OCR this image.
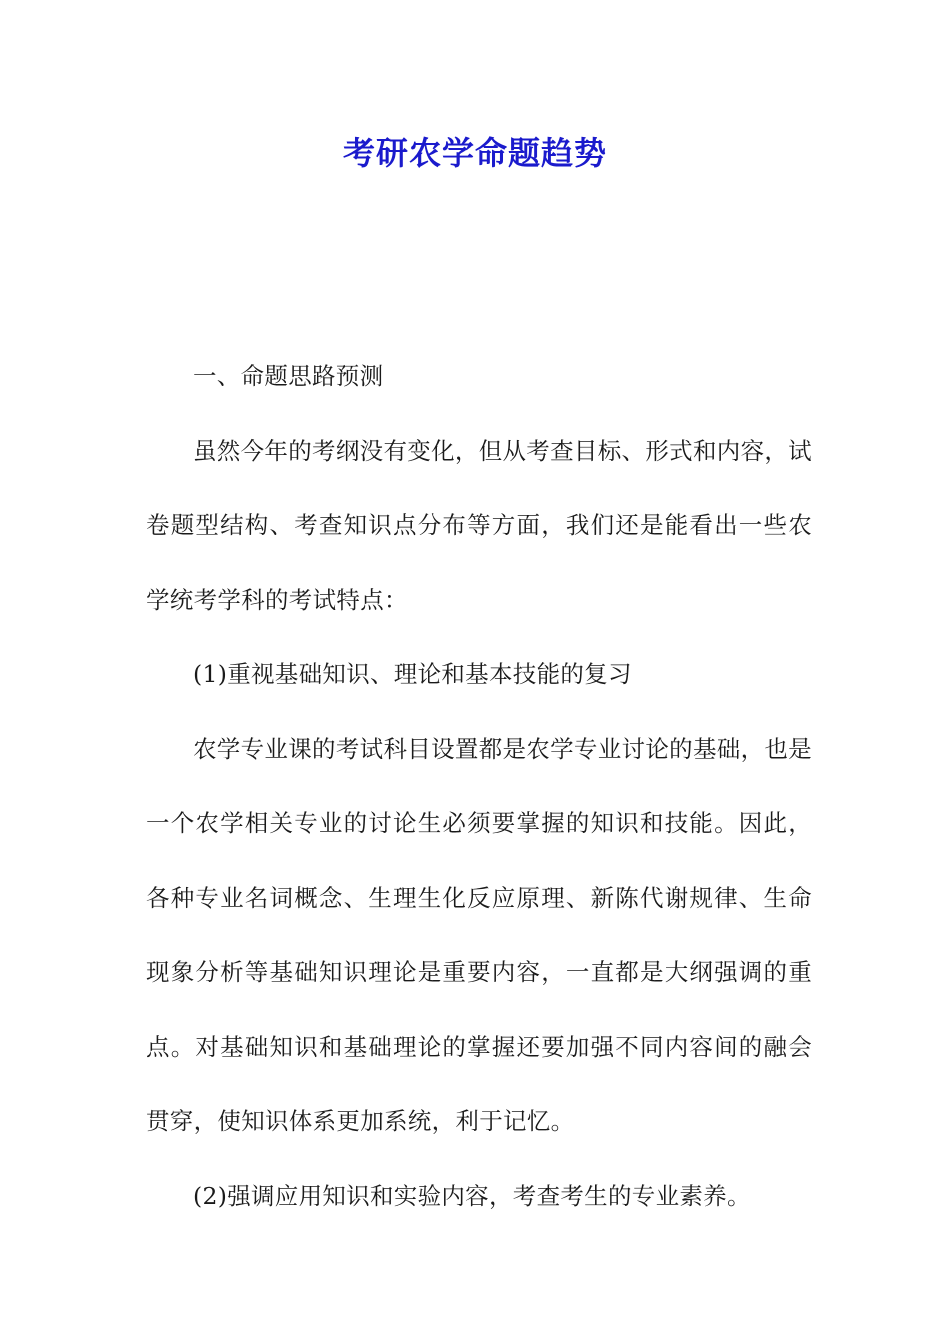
考研农学命题趋势

一、命题思路预测

虽然今年的考纲没有变化，但从考查目标、形式和内容，试卷题型结构、考查知识点分布等方面，我们还是能看出一些农学统考学科的考试特点：

(1)重视基础知识、理论和基本技能的复习

农学专业课的考试科目设置都是农学专业讨论的基础，也是一个农学相关专业的讨论生必须要掌握的知识和技能。因此，各种专业名词概念、生理生化反应原理、新陈代谢规律、生命现象分析等基础知识理论是重要内容，一直都是大纲强调的重点。对基础知识和基础理论的掌握还要加强不同内容间的融会贯穿，使知识体系更加系统，利于记忆。

(2)强调应用知识和实验内容，考查考生的专业素养。
